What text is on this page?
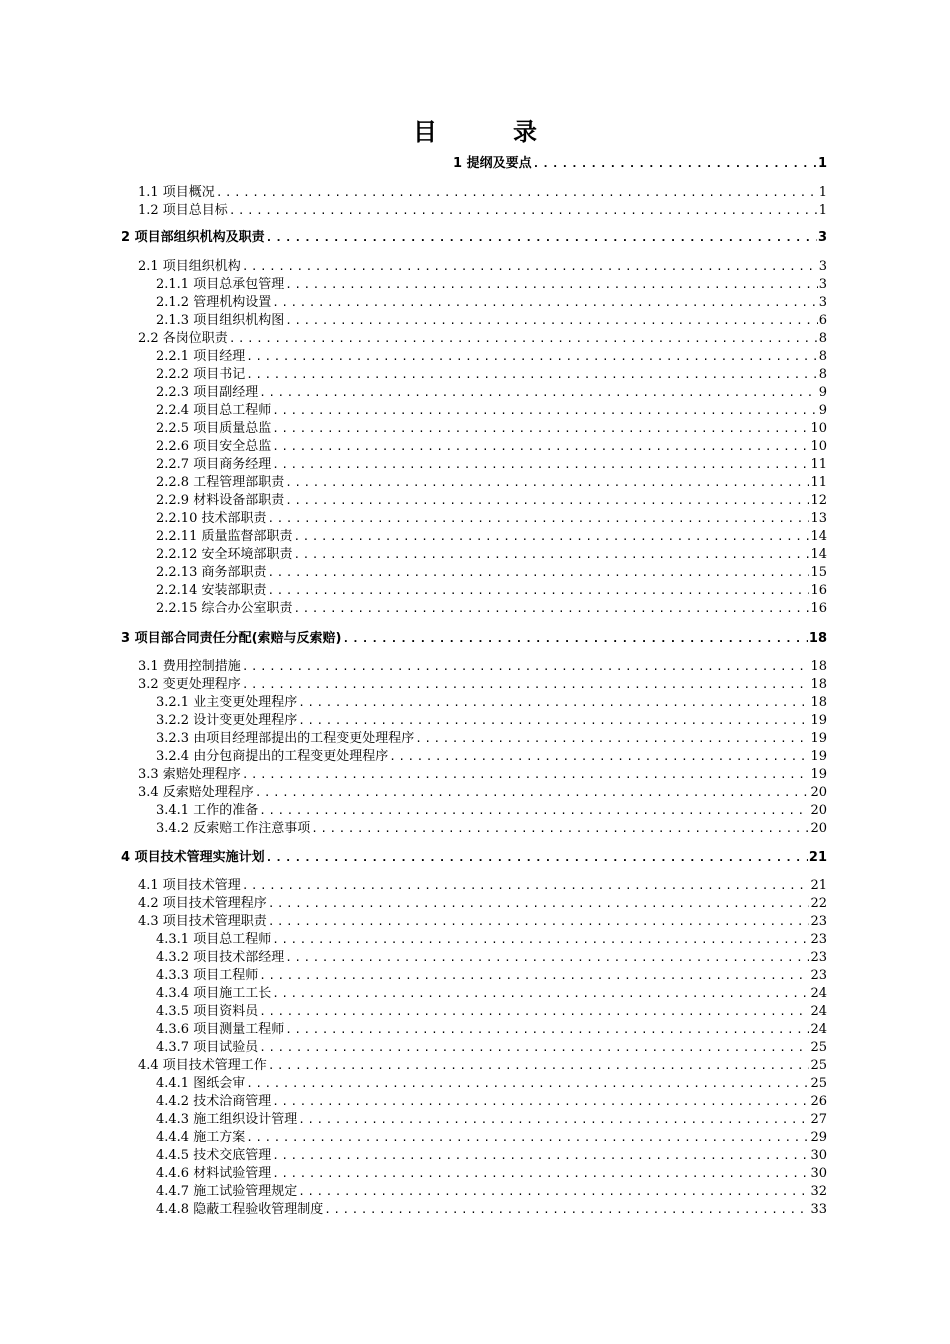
目　录
1 提纲及要点 .....	1
1.1 项目概况 .....	1
1.2 项目总目标 .....	1
2 项目部组织机构及职责 .....	3
2.1 项目组织机构 .....	3
2.1.1 项目总承包管理 .....	3
2.1.2 管理机构设置 .....	3
2.1.3 项目组织机构图 .....	6
2.2 各岗位职责 .....	8
2.2.1 项目经理 .....	8
2.2.2 项目书记 .....	8
2.2.3 项目副经理 .....	9
2.2.4 项目总工程师 .....	9
2.2.5 项目质量总监 .....	10
2.2.6 项目安全总监 .....	10
2.2.7 项目商务经理 .....	11
2.2.8 工程管理部职责 .....	11
2.2.9 材料设备部职责 .....	12
2.2.10 技术部职责 .....	13
2.2.11 质量监督部职责 .....	14
2.2.12 安全环境部职责 .....	14
2.2.13 商务部职责 .....	15
2.2.14 安装部职责 .....	16
2.2.15 综合办公室职责 .....	16
3 项目部合同责任分配(索赔与反索赔) .....	18
3.1 费用控制措施 .....	18
3.2 变更处理程序 .....	18
3.2.1 业主变更处理程序 .....	18
3.2.2 设计变更处理程序 .....	19
3.2.3 由项目经理部提出的工程变更处理程序 .....	19
3.2.4 由分包商提出的工程变更处理程序 .....	19
3.3 索赔处理程序 .....	19
3.4 反索赔处理程序 .....	20
3.4.1 工作的准备 .....	20
3.4.2 反索赔工作注意事项 .....	20
4 项目技术管理实施计划 .....	21
4.1 项目技术管理 .....	21
4.2 项目技术管理程序 .....	22
4.3 项目技术管理职责 .....	23
4.3.1 项目总工程师 .....	23
4.3.2 项目技术部经理 .....	23
4.3.3 项目工程师 .....	23
4.3.4 项目施工工长 .....	24
4.3.5 项目资料员 .....	24
4.3.6 项目测量工程师 .....	24
4.3.7 项目试验员 .....	25
4.4 项目技术管理工作 .....	25
4.4.1 图纸会审 .....	25
4.4.2 技术洽商管理 .....	26
4.4.3 施工组织设计管理 .....	27
4.4.4 施工方案 .....	29
4.4.5 技术交底管理 .....	30
4.4.6 材料试验管理 .....	30
4.4.7 施工试验管理规定 .....	32
4.4.8 隐蔽工程验收管理制度 .....	33
